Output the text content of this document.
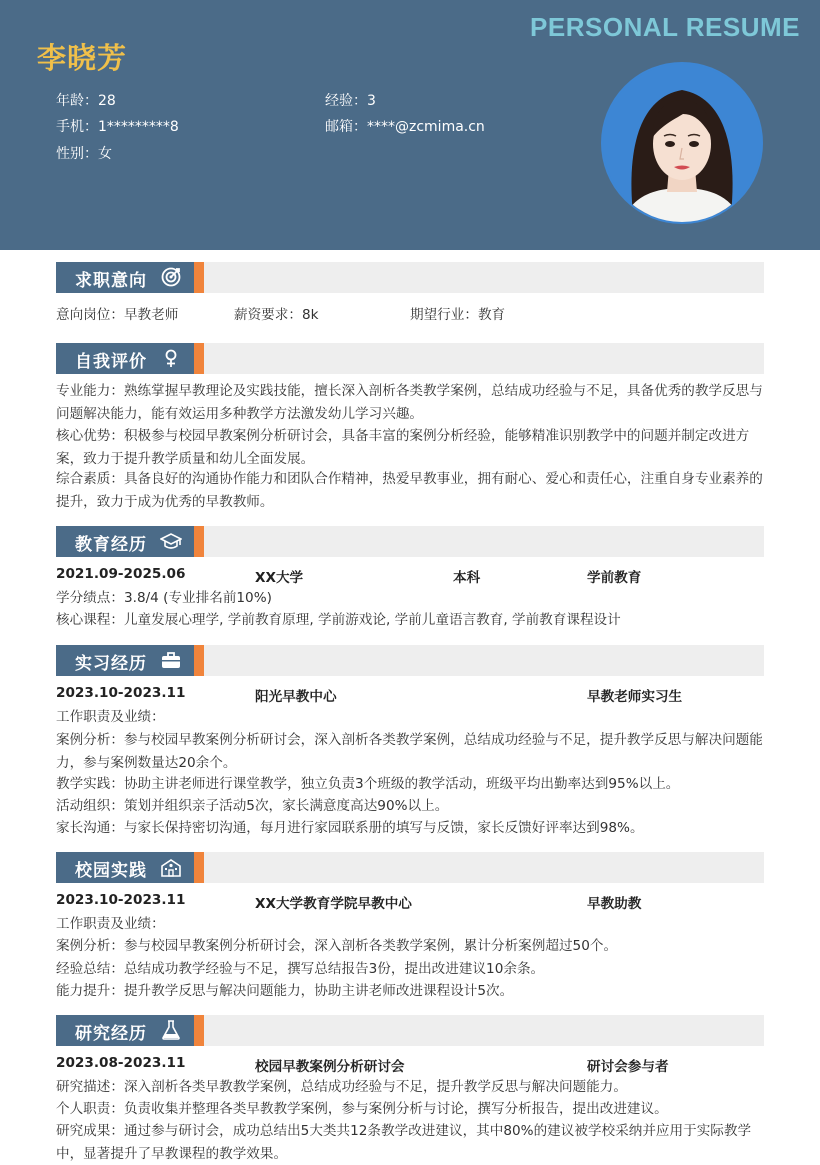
PERSONAL RESUME
李晓芳
年龄：28	经验：3
手机：1*********8	邮箱：****@zcmima.cn
性别：女
求职意向
意向岗位：早教老师	薪资要求：8k	期望行业：教育
自我评价
专业能力：熟练掌握早教理论及实践技能，擅长深入剖析各类教学案例，总结成功经验与不足，具备优秀的教学反思与问题解决能力，能有效运用多种教学方法激发幼儿学习兴趣。
核心优势：积极参与校园早教案例分析研讨会，具备丰富的案例分析经验，能够精准识别教学中的问题并制定改进方案，致力于提升教学质量和幼儿全面发展。
综合素质：具备良好的沟通协作能力和团队合作精神，热爱早教事业，拥有耐心、爱心和责任心，注重自身专业素养的提升，致力于成为优秀的早教教师。
教育经历
2021.09-2025.06	XX大学	本科	学前教育
学分绩点：3.8/4 (专业排名前10%)
核心课程：儿童发展心理学, 学前教育原理, 学前游戏论, 学前儿童语言教育, 学前教育课程设计
实习经历
2023.10-2023.11	阳光早教中心	早教老师实习生
工作职责及业绩：
案例分析：参与校园早教案例分析研讨会，深入剖析各类教学案例，总结成功经验与不足，提升教学反思与解决问题能力，参与案例数量达20余个。
教学实践：协助主讲老师进行课堂教学，独立负责3个班级的教学活动，班级平均出勤率达到95%以上。
活动组织：策划并组织亲子活动5次，家长满意度高达90%以上。
家长沟通：与家长保持密切沟通，每月进行家园联系册的填写与反馈，家长反馈好评率达到98%。
校园实践
2023.10-2023.11	XX大学教育学院早教中心	早教助教
工作职责及业绩：
案例分析：参与校园早教案例分析研讨会，深入剖析各类教学案例，累计分析案例超过50个。
经验总结：总结成功教学经验与不足，撰写总结报告3份，提出改进建议10余条。
能力提升：提升教学反思与解决问题能力，协助主讲老师改进课程设计5次。
研究经历
2023.08-2023.11	校园早教案例分析研讨会	研讨会参与者
研究描述：深入剖析各类早教教学案例，总结成功经验与不足，提升教学反思与解决问题能力。
个人职责：负责收集并整理各类早教教学案例，参与案例分析与讨论，撰写分析报告，提出改进建议。
研究成果：通过参与研讨会，成功总结出5大类共12条教学改进建议，其中80%的建议被学校采纳并应用于实际教学中，显著提升了早教课程的教学效果。
